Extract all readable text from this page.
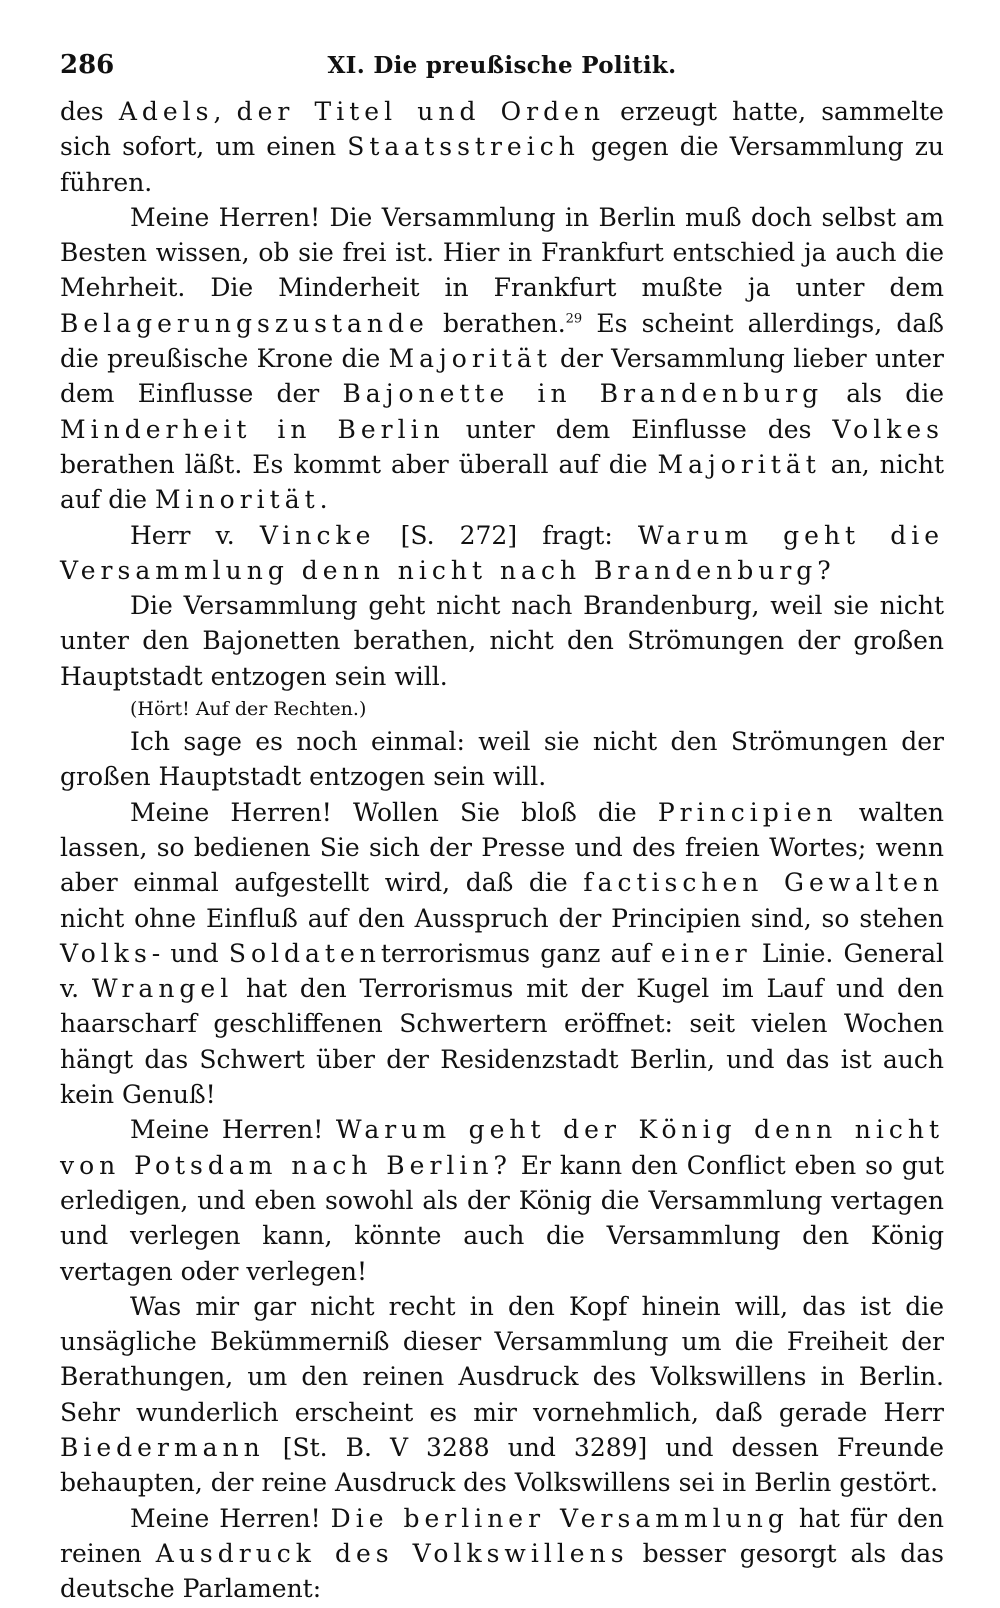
286	XI. Die preußische Politik.

des Adels, der Titel und Orden erzeugt hatte, sammelte sich sofort, um einen Staatsstreich gegen die Versammlung zu führen.

Meine Herren! Die Versammlung in Berlin muß doch selbst am Besten wissen, ob sie frei ist. Hier in Frankfurt entschied ja auch die Mehrheit. Die Minderheit in Frankfurt mußte ja unter dem Belagerungszustande berathen.$^{29}$ Es scheint allerdings, daß die preußische Krone die Majorität der Versammlung lieber unter dem Einflusse der Bajonette in Brandenburg als die Minderheit in Berlin unter dem Einflusse des Volkes berathen läßt. Es kommt aber überall auf die Majorität an, nicht auf die Minorität.

Herr v. Vincke [S. 272] fragt: Warum geht die Versammlung denn nicht nach Brandenburg?

Die Versammlung geht nicht nach Brandenburg, weil sie nicht unter den Bajonetten berathen, nicht den Strömungen der großen Hauptstadt entzogen sein will.

(Hört! Auf der Rechten.)

Ich sage es noch einmal: weil sie nicht den Strömungen der großen Hauptstadt entzogen sein will.

Meine Herren! Wollen Sie bloß die Principien walten lassen, so bedienen Sie sich der Presse und des freien Wortes; wenn aber einmal aufgestellt wird, daß die factischen Gewalten nicht ohne Einfluß auf den Ausspruch der Principien sind, so stehen Volks- und Soldatenterrorismus ganz auf einer Linie. General v. Wrangel hat den Terrorismus mit der Kugel im Lauf und den haarscharf geschliffenen Schwertern eröffnet: seit vielen Wochen hängt das Schwert über der Residenzstadt Berlin, und das ist auch kein Genuß!

Meine Herren! Warum geht der König denn nicht von Potsdam nach Berlin? Er kann den Conflict eben so gut erledigen, und eben sowohl als der König die Versammlung vertagen und verlegen kann, könnte auch die Versammlung den König vertagen oder verlegen!

Was mir gar nicht recht in den Kopf hinein will, das ist die unsägliche Bekümmerniß dieser Versammlung um die Freiheit der Berathungen, um den reinen Ausdruck des Volkswillens in Berlin. Sehr wunderlich erscheint es mir vornehmlich, daß gerade Herr Biedermann [St. B. V 3288 und 3289] und dessen Freunde behaupten, der reine Ausdruck des Volkswillens sei in Berlin gestört.

Meine Herren! Die berliner Versammlung hat für den reinen Ausdruck des Volkswillens besser gesorgt als das deutsche Parlament:
